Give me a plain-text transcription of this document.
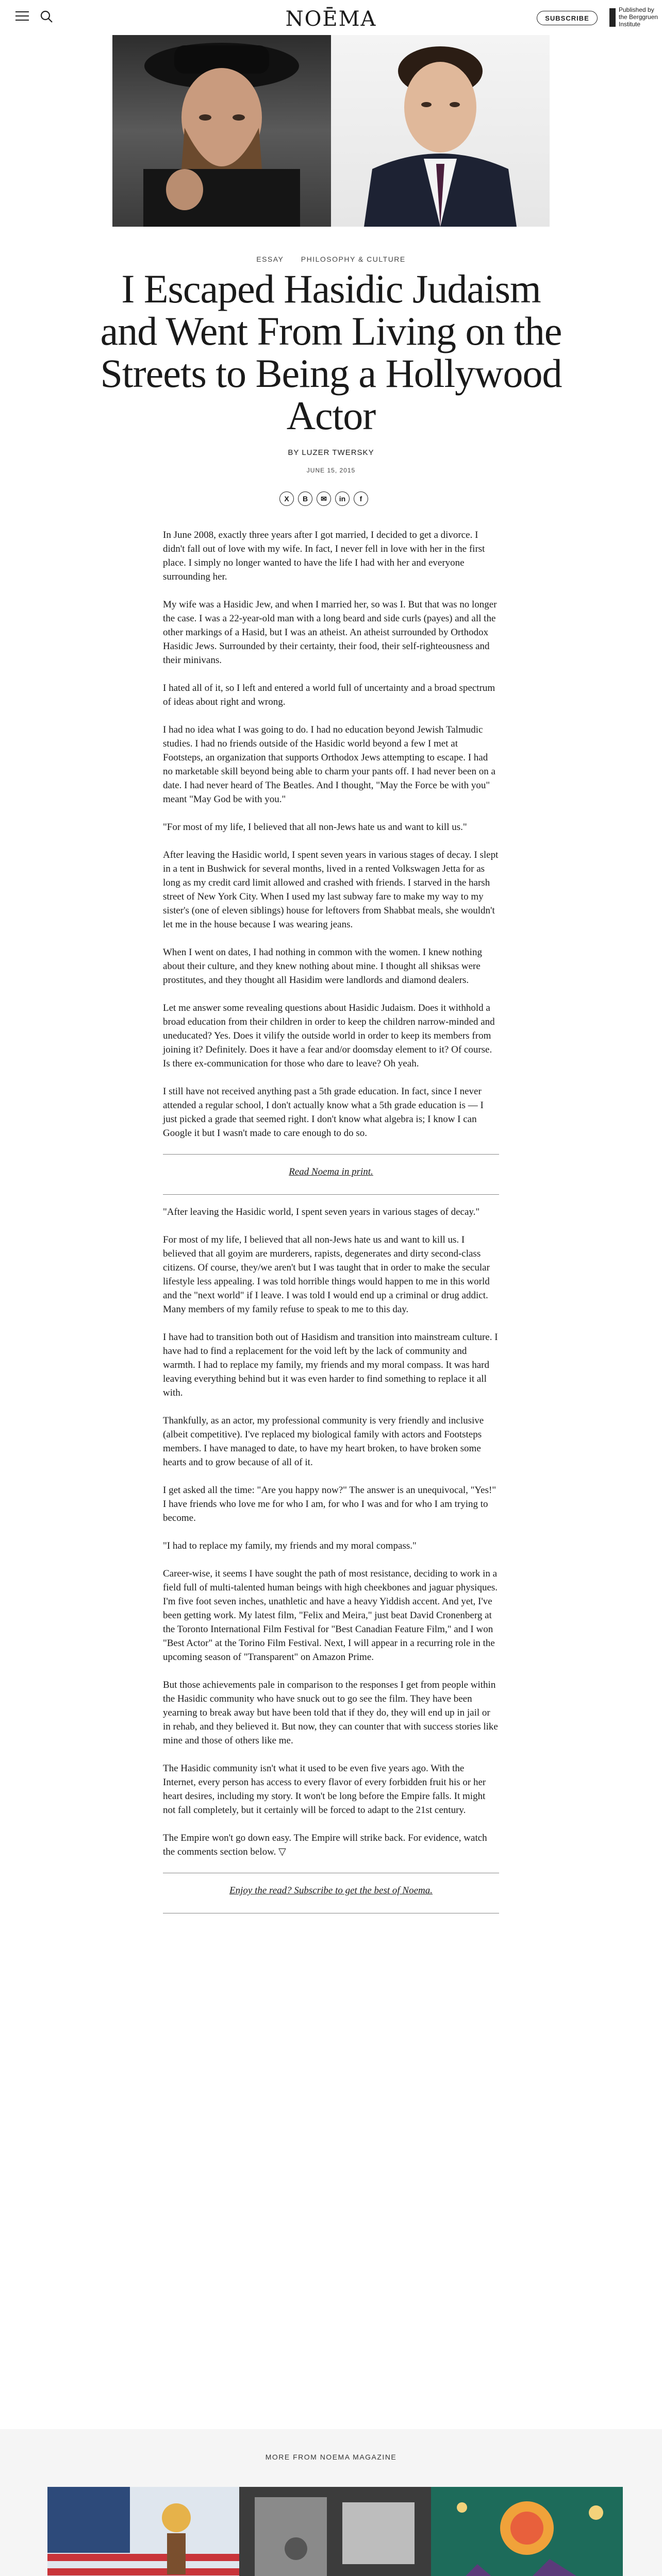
NOĒMA	SUBSCRIBE
Published by the Berggruen Institute
ESSAY PHILOSOPHY & CULTURE
I Escaped Hasidic Judaism and Went From Living on the Streets to Being a Hollywood Actor
BY LUZER TWERSKY
JUNE 15, 2015
X	B	✉	in	f

In June 2008, exactly three years after I got married, I decided to get a divorce. I didn't fall out of love with my wife. In fact, I never fell in love with her in the first place. I simply no longer wanted to have the life I had with her and everyone surrounding her.

My wife was a Hasidic Jew, and when I married her, so was I. But that was no longer the case. I was a 22-year-old man with a long beard and side curls (payes) and all the other markings of a Hasid, but I was an atheist. An atheist surrounded by Orthodox Hasidic Jews. Surrounded by their certainty, their food, their self-righteousness and their minivans.

I hated all of it, so I left and entered a world full of uncertainty and a broad spectrum of ideas about right and wrong.

I had no idea what I was going to do. I had no education beyond Jewish Talmudic studies. I had no friends outside of the Hasidic world beyond a few I met at Footsteps, an organization that supports Orthodox Jews attempting to escape. I had no marketable skill beyond being able to charm your pants off. I had never been on a date. I had never heard of The Beatles. And I thought, "May the Force be with you" meant "May God be with you."

"For most of my life, I believed that all non-Jews hate us and want to kill us."

After leaving the Hasidic world, I spent seven years in various stages of decay. I slept in a tent in Bushwick for several months, lived in a rented Volkswagen Jetta for as long as my credit card limit allowed and crashed with friends. I starved in the harsh street of New York City. When I used my last subway fare to make my way to my sister's (one of eleven siblings) house for leftovers from Shabbat meals, she wouldn't let me in the house because I was wearing jeans.

When I went on dates, I had nothing in common with the women. I knew nothing about their culture, and they knew nothing about mine. I thought all shiksas were prostitutes, and they thought all Hasidim were landlords and diamond dealers.

Let me answer some revealing questions about Hasidic Judaism. Does it withhold a broad education from their children in order to keep the children narrow-minded and uneducated? Yes. Does it vilify the outside world in order to keep its members from joining it? Definitely. Does it have a fear and/or doomsday element to it? Of course. Is there ex-communication for those who dare to leave? Oh yeah.

I still have not received anything past a 5th grade education. In fact, since I never attended a regular school, I don't actually know what a 5th grade education is — I just picked a grade that seemed right. I don't know what algebra is; I know I can Google it but I wasn't made to care enough to do so.

Read Noema in print.

"After leaving the Hasidic world, I spent seven years in various stages of decay."

For most of my life, I believed that all non-Jews hate us and want to kill us. I believed that all goyim are murderers, rapists, degenerates and dirty second-class citizens. Of course, they/we aren't but I was taught that in order to make the secular lifestyle less appealing. I was told horrible things would happen to me in this world and the "next world" if I leave. I was told I would end up a criminal or drug addict. Many members of my family refuse to speak to me to this day.

I have had to transition both out of Hasidism and transition into mainstream culture. I have had to find a replacement for the void left by the lack of community and warmth. I had to replace my family, my friends and my moral compass. It was hard leaving everything behind but it was even harder to find something to replace it all with.

Thankfully, as an actor, my professional community is very friendly and inclusive (albeit competitive). I've replaced my biological family with actors and Footsteps members. I have managed to date, to have my heart broken, to have broken some hearts and to grow because of all of it.

I get asked all the time: "Are you happy now?" The answer is an unequivocal, "Yes!" I have friends who love me for who I am, for who I was and for who I am trying to become.

"I had to replace my family, my friends and my moral compass."

Career-wise, it seems I have sought the path of most resistance, deciding to work in a field full of multi-talented human beings with high cheekbones and jaguar physiques. I'm five foot seven inches, unathletic and have a heavy Yiddish accent. And yet, I've been getting work. My latest film, "Felix and Meira," just beat David Cronenberg at the Toronto International Film Festival for "Best Canadian Feature Film," and I won "Best Actor" at the Torino Film Festival. Next, I will appear in a recurring role in the upcoming season of "Transparent" on Amazon Prime.

But those achievements pale in comparison to the responses I get from people within the Hasidic community who have snuck out to go see the film. They have been yearning to break away but have been told that if they do, they will end up in jail or in rehab, and they believed it. But now, they can counter that with success stories like mine and those of others like me.

The Hasidic community isn't what it used to be even five years ago. With the Internet, every person has access to every flavor of every forbidden fruit his or her heart desires, including my story. It won't be long before the Empire falls. It might not fall completely, but it certainly will be forced to adapt to the 21st century.

The Empire won't go down easy. The Empire will strike back. For evidence, watch the comments section below. ▽

Enjoy the read? Subscribe to get the best of Noema.
MORE FROM NOEMA MAGAZINE
